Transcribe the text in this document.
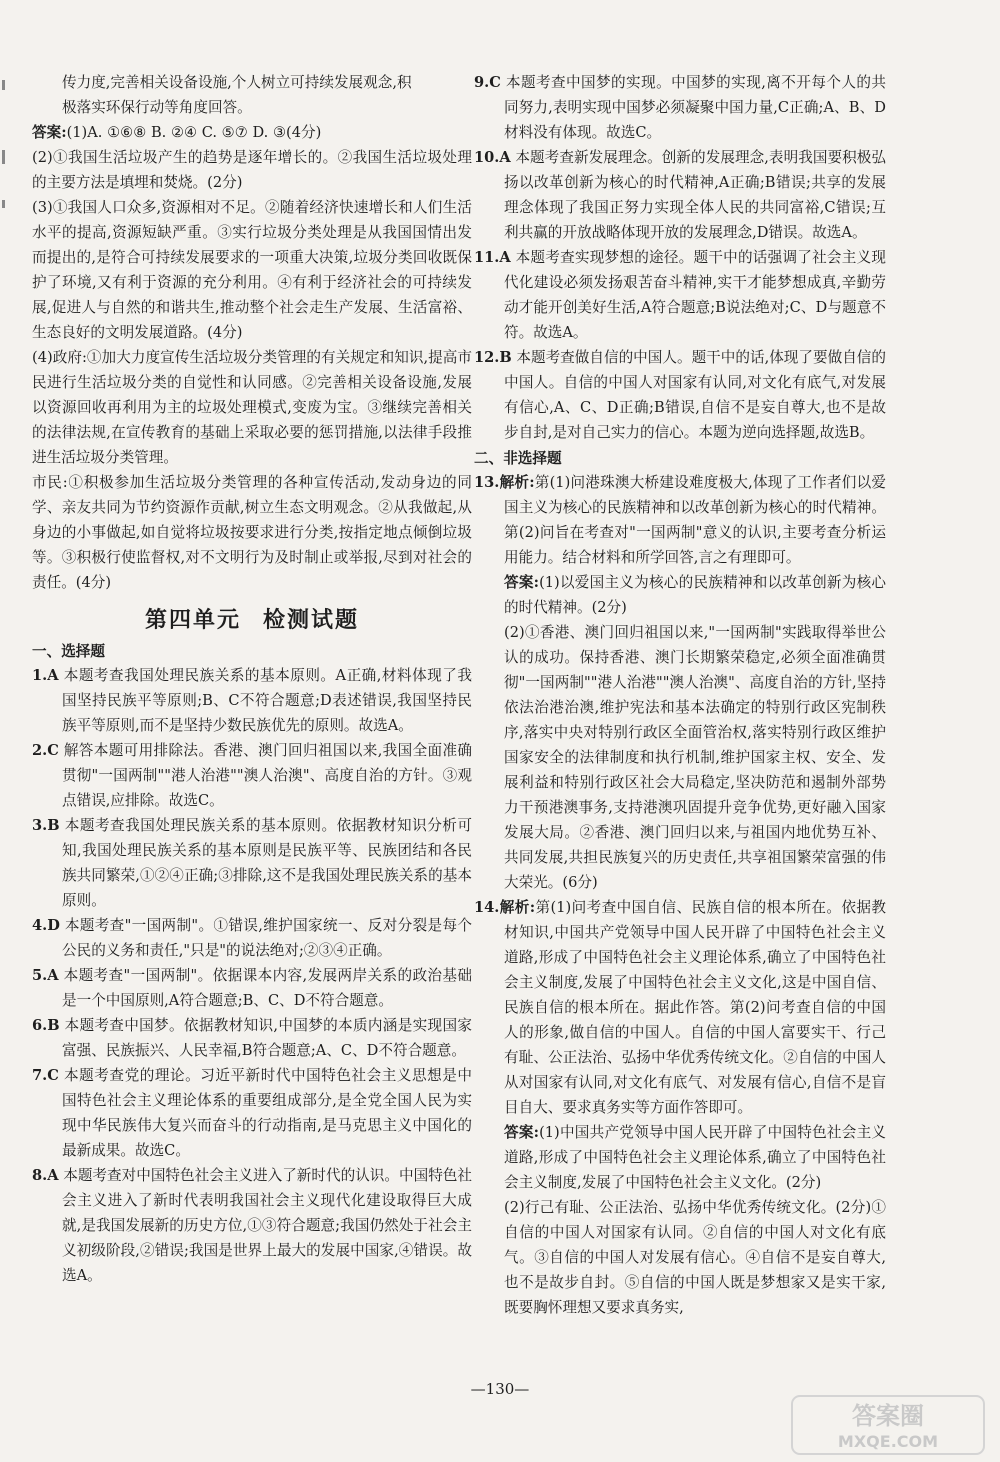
传力度,完善相关设备设施,个人树立可持续发展观念,积

极落实环保行动等角度回答。

答案:(1)A. ①⑥⑧ B. ②④ C. ⑤⑦ D. ③(4分)

(2)①我国生活垃圾产生的趋势是逐年增长的。②我国生活垃圾处理的主要方法是填埋和焚烧。(2分)

(3)①我国人口众多,资源相对不足。②随着经济快速增长和人们生活水平的提高,资源短缺严重。③实行垃圾分类处理是从我国国情出发而提出的,是符合可持续发展要求的一项重大决策,垃圾分类回收既保护了环境,又有利于资源的充分利用。④有利于经济社会的可持续发展,促进人与自然的和谐共生,推动整个社会走生产发展、生活富裕、生态良好的文明发展道路。(4分)

(4)政府:①加大力度宣传生活垃圾分类管理的有关规定和知识,提高市民进行生活垃圾分类的自觉性和认同感。②完善相关设备设施,发展以资源回收再利用为主的垃圾处理模式,变废为宝。③继续完善相关的法律法规,在宣传教育的基础上采取必要的惩罚措施,以法律手段推进生活垃圾分类管理。

市民:①积极参加生活垃圾分类管理的各种宣传活动,发动身边的同学、亲友共同为节约资源作贡献,树立生态文明观念。②从我做起,从身边的小事做起,如自觉将垃圾按要求进行分类,按指定地点倾倒垃圾等。③积极行使监督权,对不文明行为及时制止或举报,尽到对社会的责任。(4分)

第四单元 检测试题
一、选择题

1.A 本题考查我国处理民族关系的基本原则。A正确,材料体现了我国坚持民族平等原则;B、C不符合题意;D表述错误,我国坚持民族平等原则,而不是坚持少数民族优先的原则。故选A。

2.C 解答本题可用排除法。香港、澳门回归祖国以来,我国全面准确贯彻"一国两制""港人治港""澳人治澳"、高度自治的方针。③观点错误,应排除。故选C。

3.B 本题考查我国处理民族关系的基本原则。依据教材知识分析可知,我国处理民族关系的基本原则是民族平等、民族团结和各民族共同繁荣,①②④正确;③排除,这不是我国处理民族关系的基本原则。

4.D 本题考查"一国两制"。①错误,维护国家统一、反对分裂是每个公民的义务和责任,"只是"的说法绝对;②③④正确。

5.A 本题考查"一国两制"。依据课本内容,发展两岸关系的政治基础是一个中国原则,A符合题意;B、C、D不符合题意。

6.B 本题考查中国梦。依据教材知识,中国梦的本质内涵是实现国家富强、民族振兴、人民幸福,B符合题意;A、C、D不符合题意。

7.C 本题考查党的理论。习近平新时代中国特色社会主义思想是中国特色社会主义理论体系的重要组成部分,是全党全国人民为实现中华民族伟大复兴而奋斗的行动指南,是马克思主义中国化的最新成果。故选C。

8.A 本题考查对中国特色社会主义进入了新时代的认识。中国特色社会主义进入了新时代表明我国社会主义现代化建设取得巨大成就,是我国发展新的历史方位,①③符合题意;我国仍然处于社会主义初级阶段,②错误;我国是世界上最大的发展中国家,④错误。故选A。

9.C 本题考查中国梦的实现。中国梦的实现,离不开每个人的共同努力,表明实现中国梦必须凝聚中国力量,C正确;A、B、D材料没有体现。故选C。

10.A 本题考查新发展理念。创新的发展理念,表明我国要积极弘扬以改革创新为核心的时代精神,A正确;B错误;共享的发展理念体现了我国正努力实现全体人民的共同富裕,C错误;互利共赢的开放战略体现开放的发展理念,D错误。故选A。

11.A 本题考查实现梦想的途径。题干中的话强调了社会主义现代化建设必须发扬艰苦奋斗精神,实干才能梦想成真,辛勤劳动才能开创美好生活,A符合题意;B说法绝对;C、D与题意不符。故选A。

12.B 本题考查做自信的中国人。题干中的话,体现了要做自信的中国人。自信的中国人对国家有认同,对文化有底气,对发展有信心,A、C、D正确;B错误,自信不是妄自尊大,也不是故步自封,是对自己实力的信心。本题为逆向选择题,故选B。

二、非选择题

13.解析:第(1)问港珠澳大桥建设难度极大,体现了工作者们以爱国主义为核心的民族精神和以改革创新为核心的时代精神。第(2)问旨在考查对"一国两制"意义的认识,主要考查分析运用能力。结合材料和所学回答,言之有理即可。

答案:(1)以爱国主义为核心的民族精神和以改革创新为核心的时代精神。(2分)

(2)①香港、澳门回归祖国以来,"一国两制"实践取得举世公认的成功。保持香港、澳门长期繁荣稳定,必须全面准确贯彻"一国两制""港人治港""澳人治澳"、高度自治的方针,坚持依法治港治澳,维护宪法和基本法确定的特别行政区宪制秩序,落实中央对特别行政区全面管治权,落实特别行政区维护国家安全的法律制度和执行机制,维护国家主权、安全、发展利益和特别行政区社会大局稳定,坚决防范和遏制外部势力干预港澳事务,支持港澳巩固提升竞争优势,更好融入国家发展大局。②香港、澳门回归以来,与祖国内地优势互补、共同发展,共担民族复兴的历史责任,共享祖国繁荣富强的伟大荣光。(6分)

14.解析:第(1)问考查中国自信、民族自信的根本所在。依据教材知识,中国共产党领导中国人民开辟了中国特色社会主义道路,形成了中国特色社会主义理论体系,确立了中国特色社会主义制度,发展了中国特色社会主义文化,这是中国自信、民族自信的根本所在。据此作答。第(2)问考查自信的中国人的形象,做自信的中国人。自信的中国人富要实干、行己有耻、公正法治、弘扬中华优秀传统文化。②自信的中国人从对国家有认同,对文化有底气、对发展有信心,自信不是盲目自大、要求真务实等方面作答即可。

答案:(1)中国共产党领导中国人民开辟了中国特色社会主义道路,形成了中国特色社会主义理论体系,确立了中国特色社会主义制度,发展了中国特色社会主义文化。(2分)

(2)行己有耻、公正法治、弘扬中华优秀传统文化。(2分)①自信的中国人对国家有认同。②自信的中国人对文化有底气。③自信的中国人对发展有信心。④自信不是妄自尊大,也不是故步自封。⑤自信的中国人既是梦想家又是实干家,既要胸怀理想又要求真务实,

—130—
答案圈
MXQE.COM
